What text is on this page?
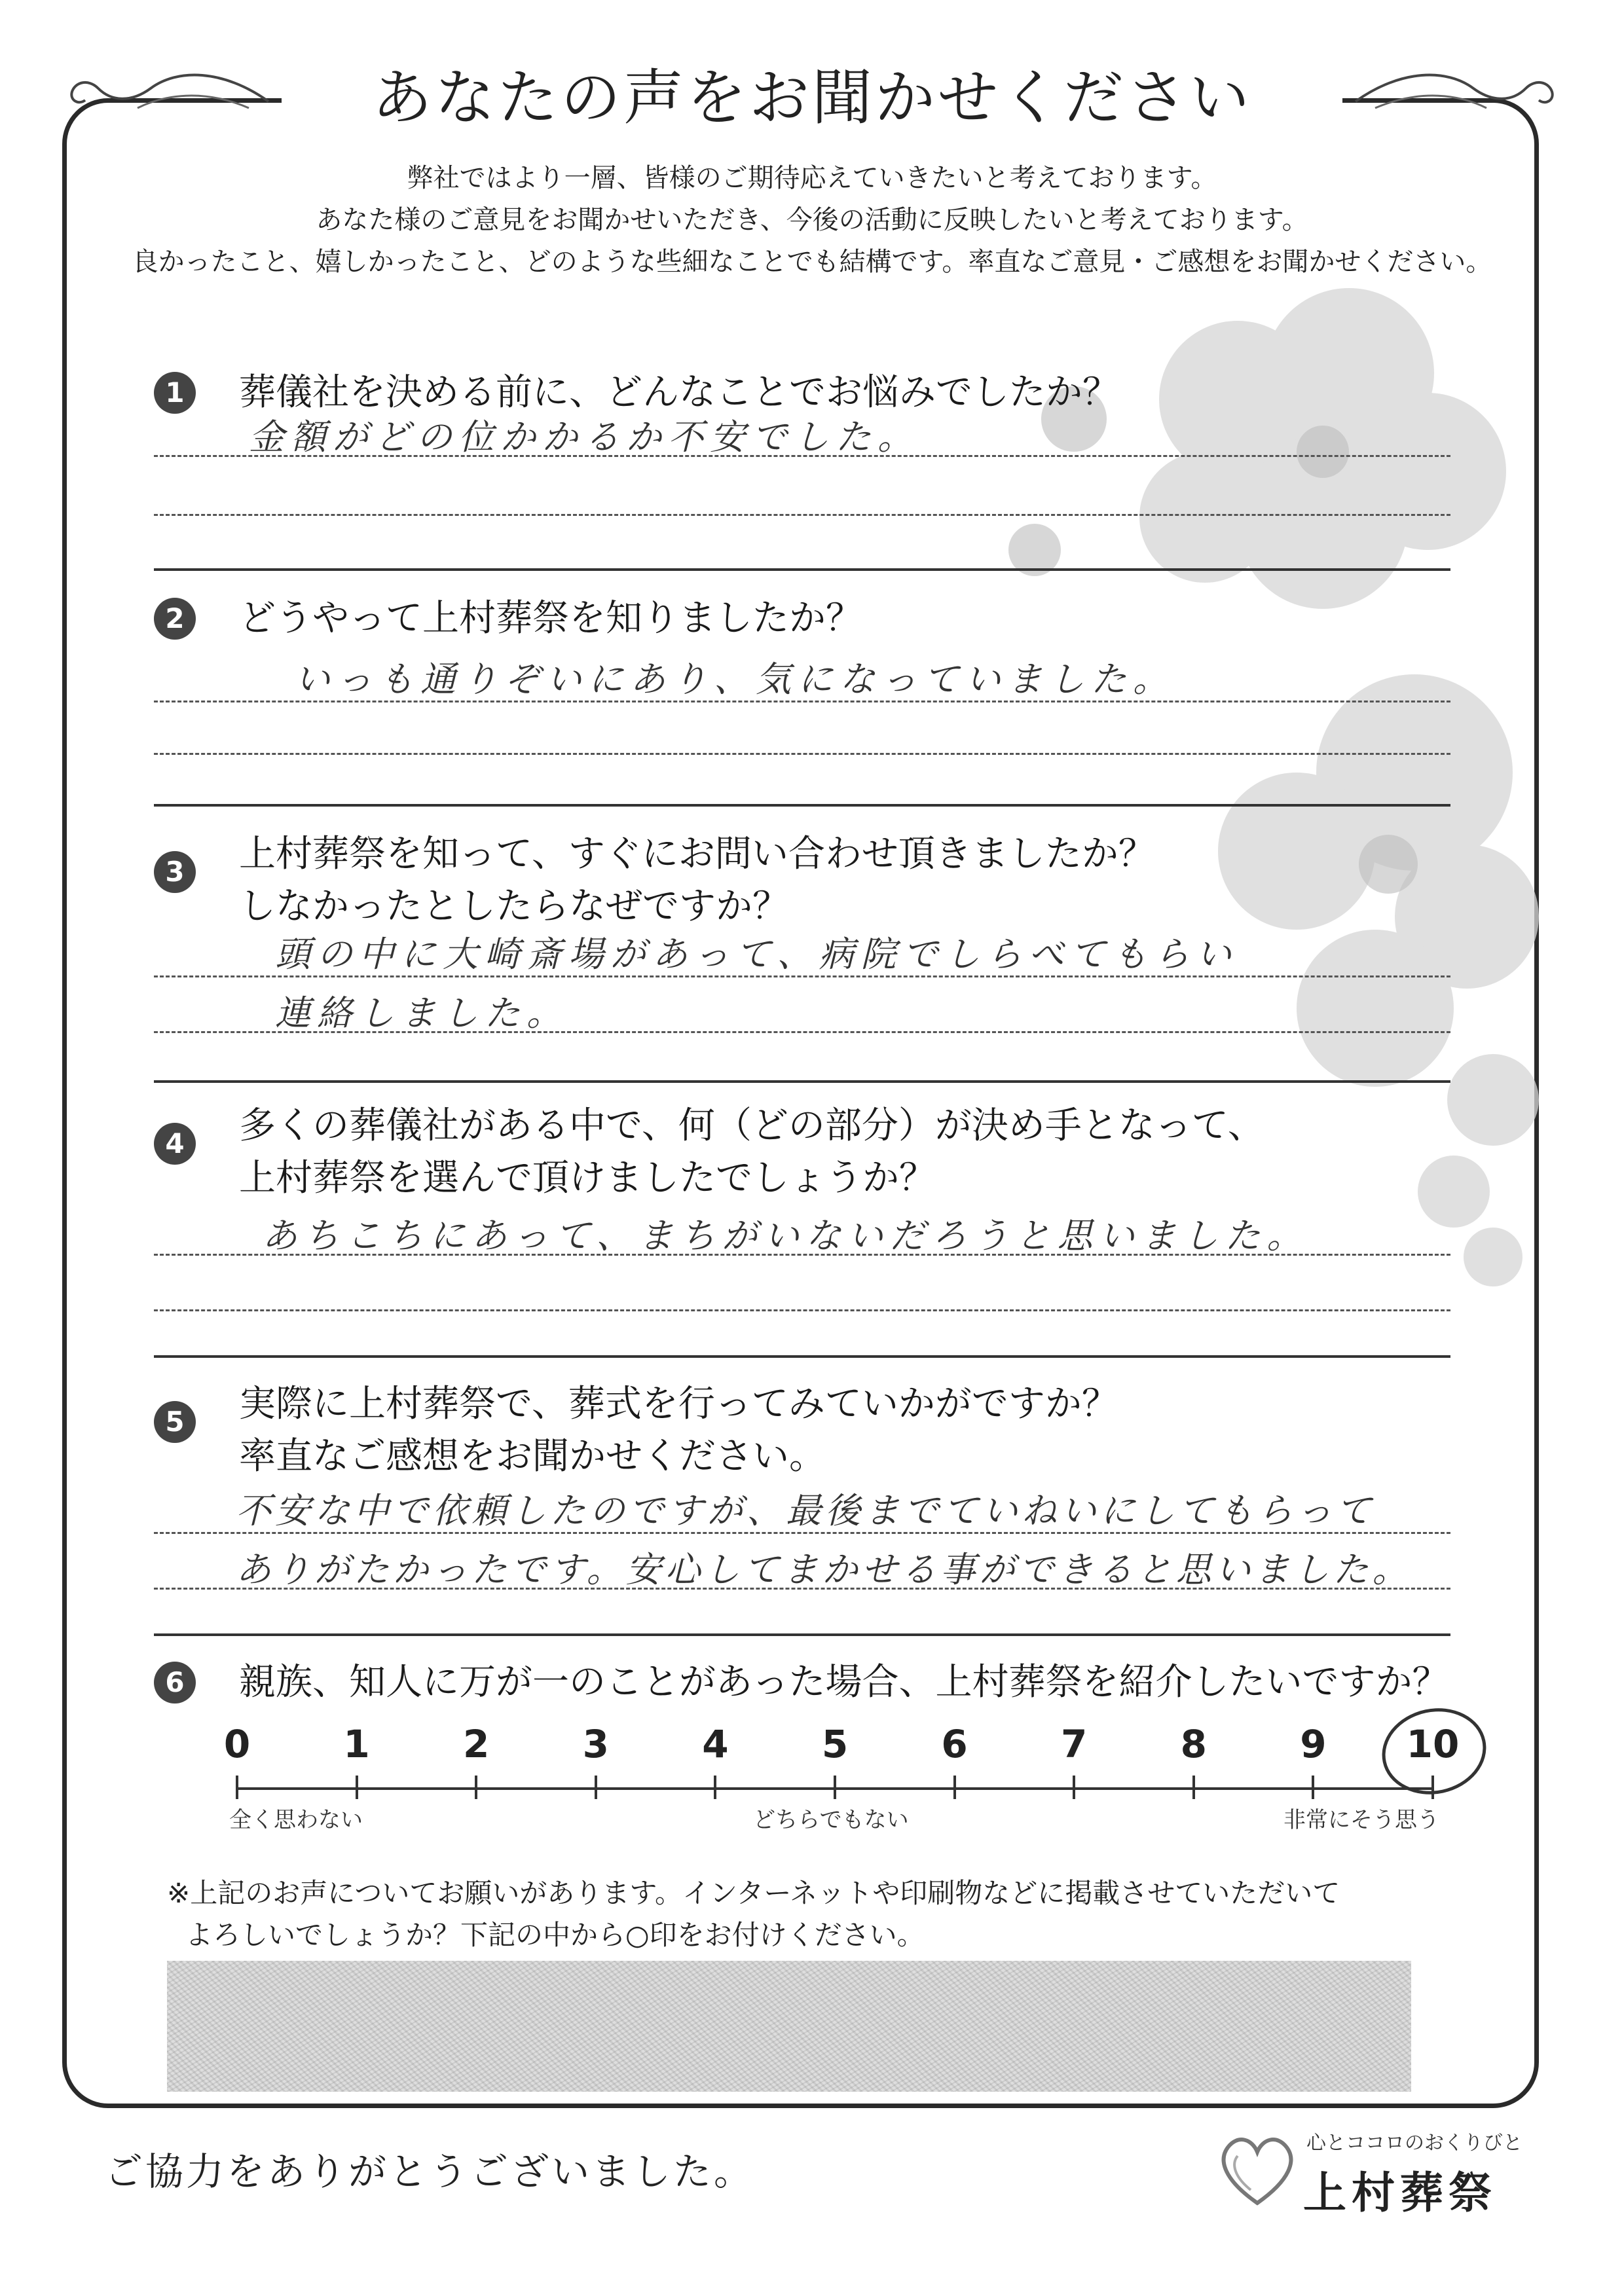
あなたの声をお聞かせください
弊社ではより一層、皆様のご期待応えていきたいと考えております。
あなた様のご意見をお聞かせいただき、今後の活動に反映したいと考えております。
良かったこと、嬉しかったこと、どのような些細なことでも結構です。率直なご意見・ご感想をお聞かせください。
1	葬儀社を決める前に、どんなことでお悩みでしたか？
金額がどの位かかるか不安でした。
2	どうやって上村葬祭を知りましたか？
いっも通りぞいにあり、気になっていました。
3	上村葬祭を知って、すぐにお問い合わせ頂きましたか？
しなかったとしたらなぜですか？
頭の中に大崎斎場があって、病院でしらべてもらい
連絡しました。
4	多くの葬儀社がある中で、何（どの部分）が決め手となって、
上村葬祭を選んで頂けましたでしょうか？
あちこちにあって、まちがいないだろうと思いました。
5	実際に上村葬祭で、葬式を行ってみていかがですか？
率直なご感想をお聞かせください。
不安な中で依頼したのですが、最後までていねいにしてもらって
ありがたかったです。安心してまかせる事ができると思いました。
6	親族、知人に万が一のことがあった場合、上村葬祭を紹介したいですか？
0	1	2	3	4	5	6	7	8	9	10
全く思わない	どちらでもない	非常にそう思う
※上記のお声についてお願いがあります。インターネットや印刷物などに掲載させていただいて
よろしいでしょうか？下記の中から○印をお付けください。
ご協力をありがとうございました。
心とココロのおくりびと
上村葬祭
